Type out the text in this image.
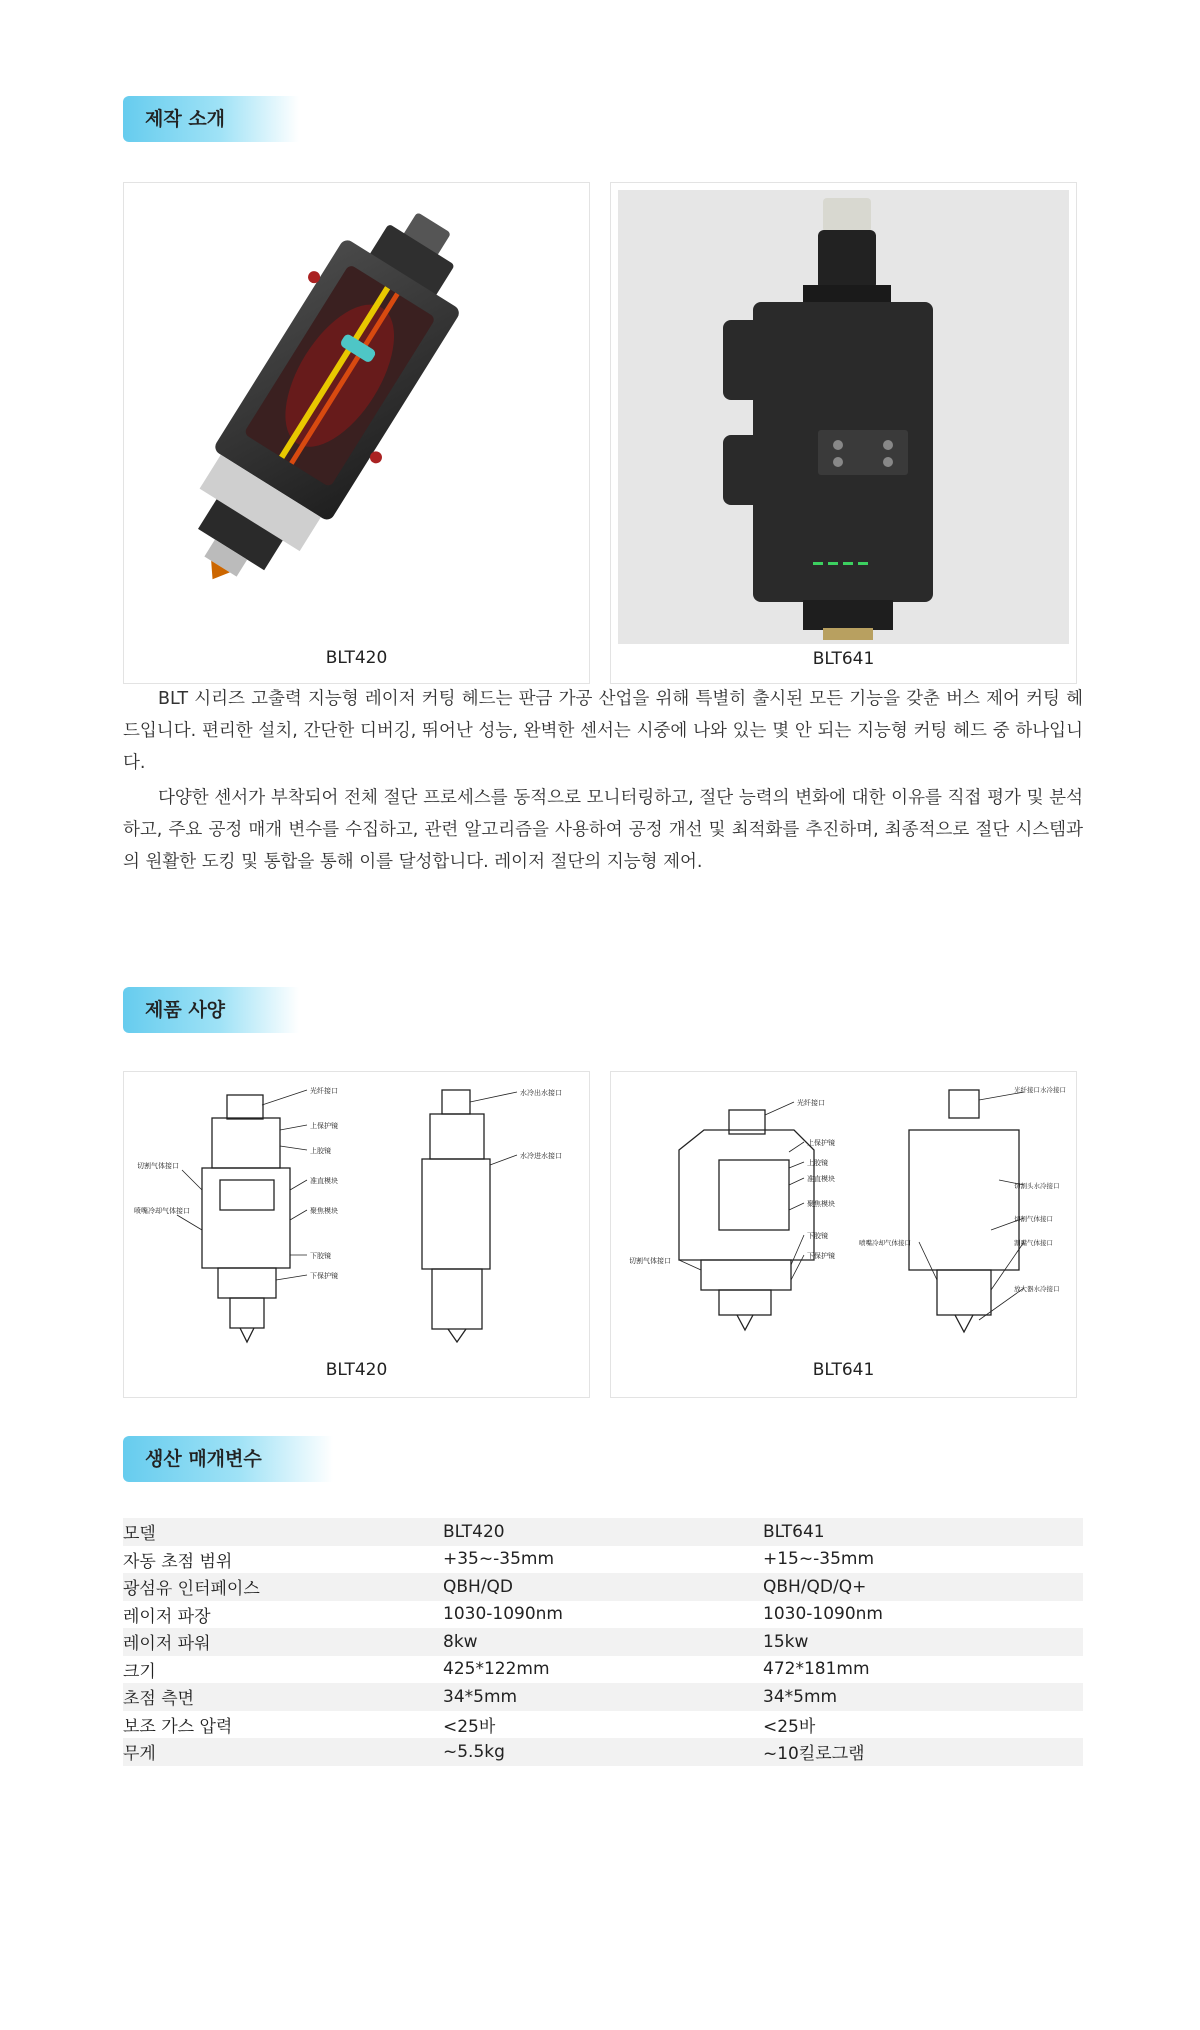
제작 소개
BLT420	BLT641

BLT 시리즈 고출력 지능형 레이저 커팅 헤드는 판금 가공 산업을 위해 특별히 출시된 모든 기능을 갖춘 버스 제어 커팅 헤드입니다. 편리한 설치, 간단한 디버깅, 뛰어난 성능, 완벽한 센서는 시중에 나와 있는 몇 안 되는 지능형 커팅 헤드 중 하나입니다.

다양한 센서가 부착되어 전체 절단 프로세스를 동적으로 모니터링하고, 절단 능력의 변화에 대한 이유를 직접 평가 및 분석하고, 주요 공정 매개 변수를 수집하고, 관련 알고리즘을 사용하여 공정 개선 및 최적화를 추진하며, 최종적으로 절단 시스템과의 원활한 도킹 및 통합을 통해 이를 달성합니다. 레이저 절단의 지능형 제어.

제품 사양
光纤接口
上保护镜
上胶镜
切割气体接口
准直模块
聚焦模块
喷嘴冷却气体接口
下胶镜
下保护镜
水冷出水接口
水冷进水接口
BLT420
光纤接口
上保护镜
上胶镜
准直模块
聚焦模块
下胶镜
切割气体接口
下保护镜
光纤接口水冷接口
切割头水冷接口
切割气体接口
喷嘴冷却气体接口	割嘴气体接口
放大器水冷接口
BLT641
생산 매개변수
모델	BLT420	BLT641
자동 초점 범위	+35~-35mm	+15~-35mm
광섬유 인터페이스	QBH/QD	QBH/QD/Q+
레이저 파장	1030-1090nm	1030-1090nm
레이저 파워	8kw	15kw
크기	425*122mm	472*181mm
초점 측면	34*5mm	34*5mm
보조 가스 압력	<25바	<25바
무게	~5.5kg	~10킬로그램
